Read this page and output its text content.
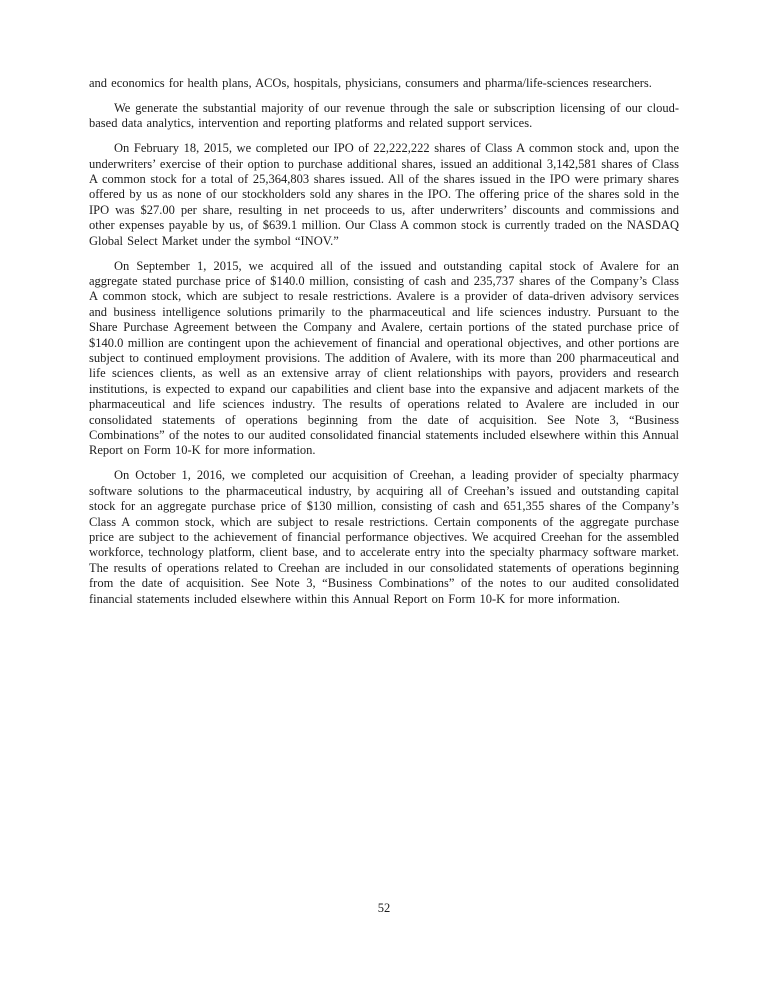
and economics for health plans, ACOs, hospitals, physicians, consumers and pharma/life-sciences researchers.

We generate the substantial majority of our revenue through the sale or subscription licensing of our cloud-based data analytics, intervention and reporting platforms and related support services.

On February 18, 2015, we completed our IPO of 22,222,222 shares of Class A common stock and, upon the underwriters’ exercise of their option to purchase additional shares, issued an additional 3,142,581 shares of Class A common stock for a total of 25,364,803 shares issued. All of the shares issued in the IPO were primary shares offered by us as none of our stockholders sold any shares in the IPO. The offering price of the shares sold in the IPO was $27.00 per share, resulting in net proceeds to us, after underwriters’ discounts and commissions and other expenses payable by us, of $639.1 million. Our Class A common stock is currently traded on the NASDAQ Global Select Market under the symbol “INOV.”

On September 1, 2015, we acquired all of the issued and outstanding capital stock of Avalere for an aggregate stated purchase price of $140.0 million, consisting of cash and 235,737 shares of the Company’s Class A common stock, which are subject to resale restrictions. Avalere is a provider of data-driven advisory services and business intelligence solutions primarily to the pharmaceutical and life sciences industry. Pursuant to the Share Purchase Agreement between the Company and Avalere, certain portions of the stated purchase price of $140.0 million are contingent upon the achievement of financial and operational objectives, and other portions are subject to continued employment provisions. The addition of Avalere, with its more than 200 pharmaceutical and life sciences clients, as well as an extensive array of client relationships with payors, providers and research institutions, is expected to expand our capabilities and client base into the expansive and adjacent markets of the pharmaceutical and life sciences industry. The results of operations related to Avalere are included in our consolidated statements of operations beginning from the date of acquisition. See Note 3, “Business Combinations” of the notes to our audited consolidated financial statements included elsewhere within this Annual Report on Form 10-K for more information.

On October 1, 2016, we completed our acquisition of Creehan, a leading provider of specialty pharmacy software solutions to the pharmaceutical industry, by acquiring all of Creehan’s issued and outstanding capital stock for an aggregate purchase price of $130 million, consisting of cash and 651,355 shares of the Company’s Class A common stock, which are subject to resale restrictions. Certain components of the aggregate purchase price are subject to the achievement of financial performance objectives. We acquired Creehan for the assembled workforce, technology platform, client base, and to accelerate entry into the specialty pharmacy software market. The results of operations related to Creehan are included in our consolidated statements of operations beginning from the date of acquisition. See Note 3, “Business Combinations” of the notes to our audited consolidated financial statements included elsewhere within this Annual Report on Form 10-K for more information.

52
